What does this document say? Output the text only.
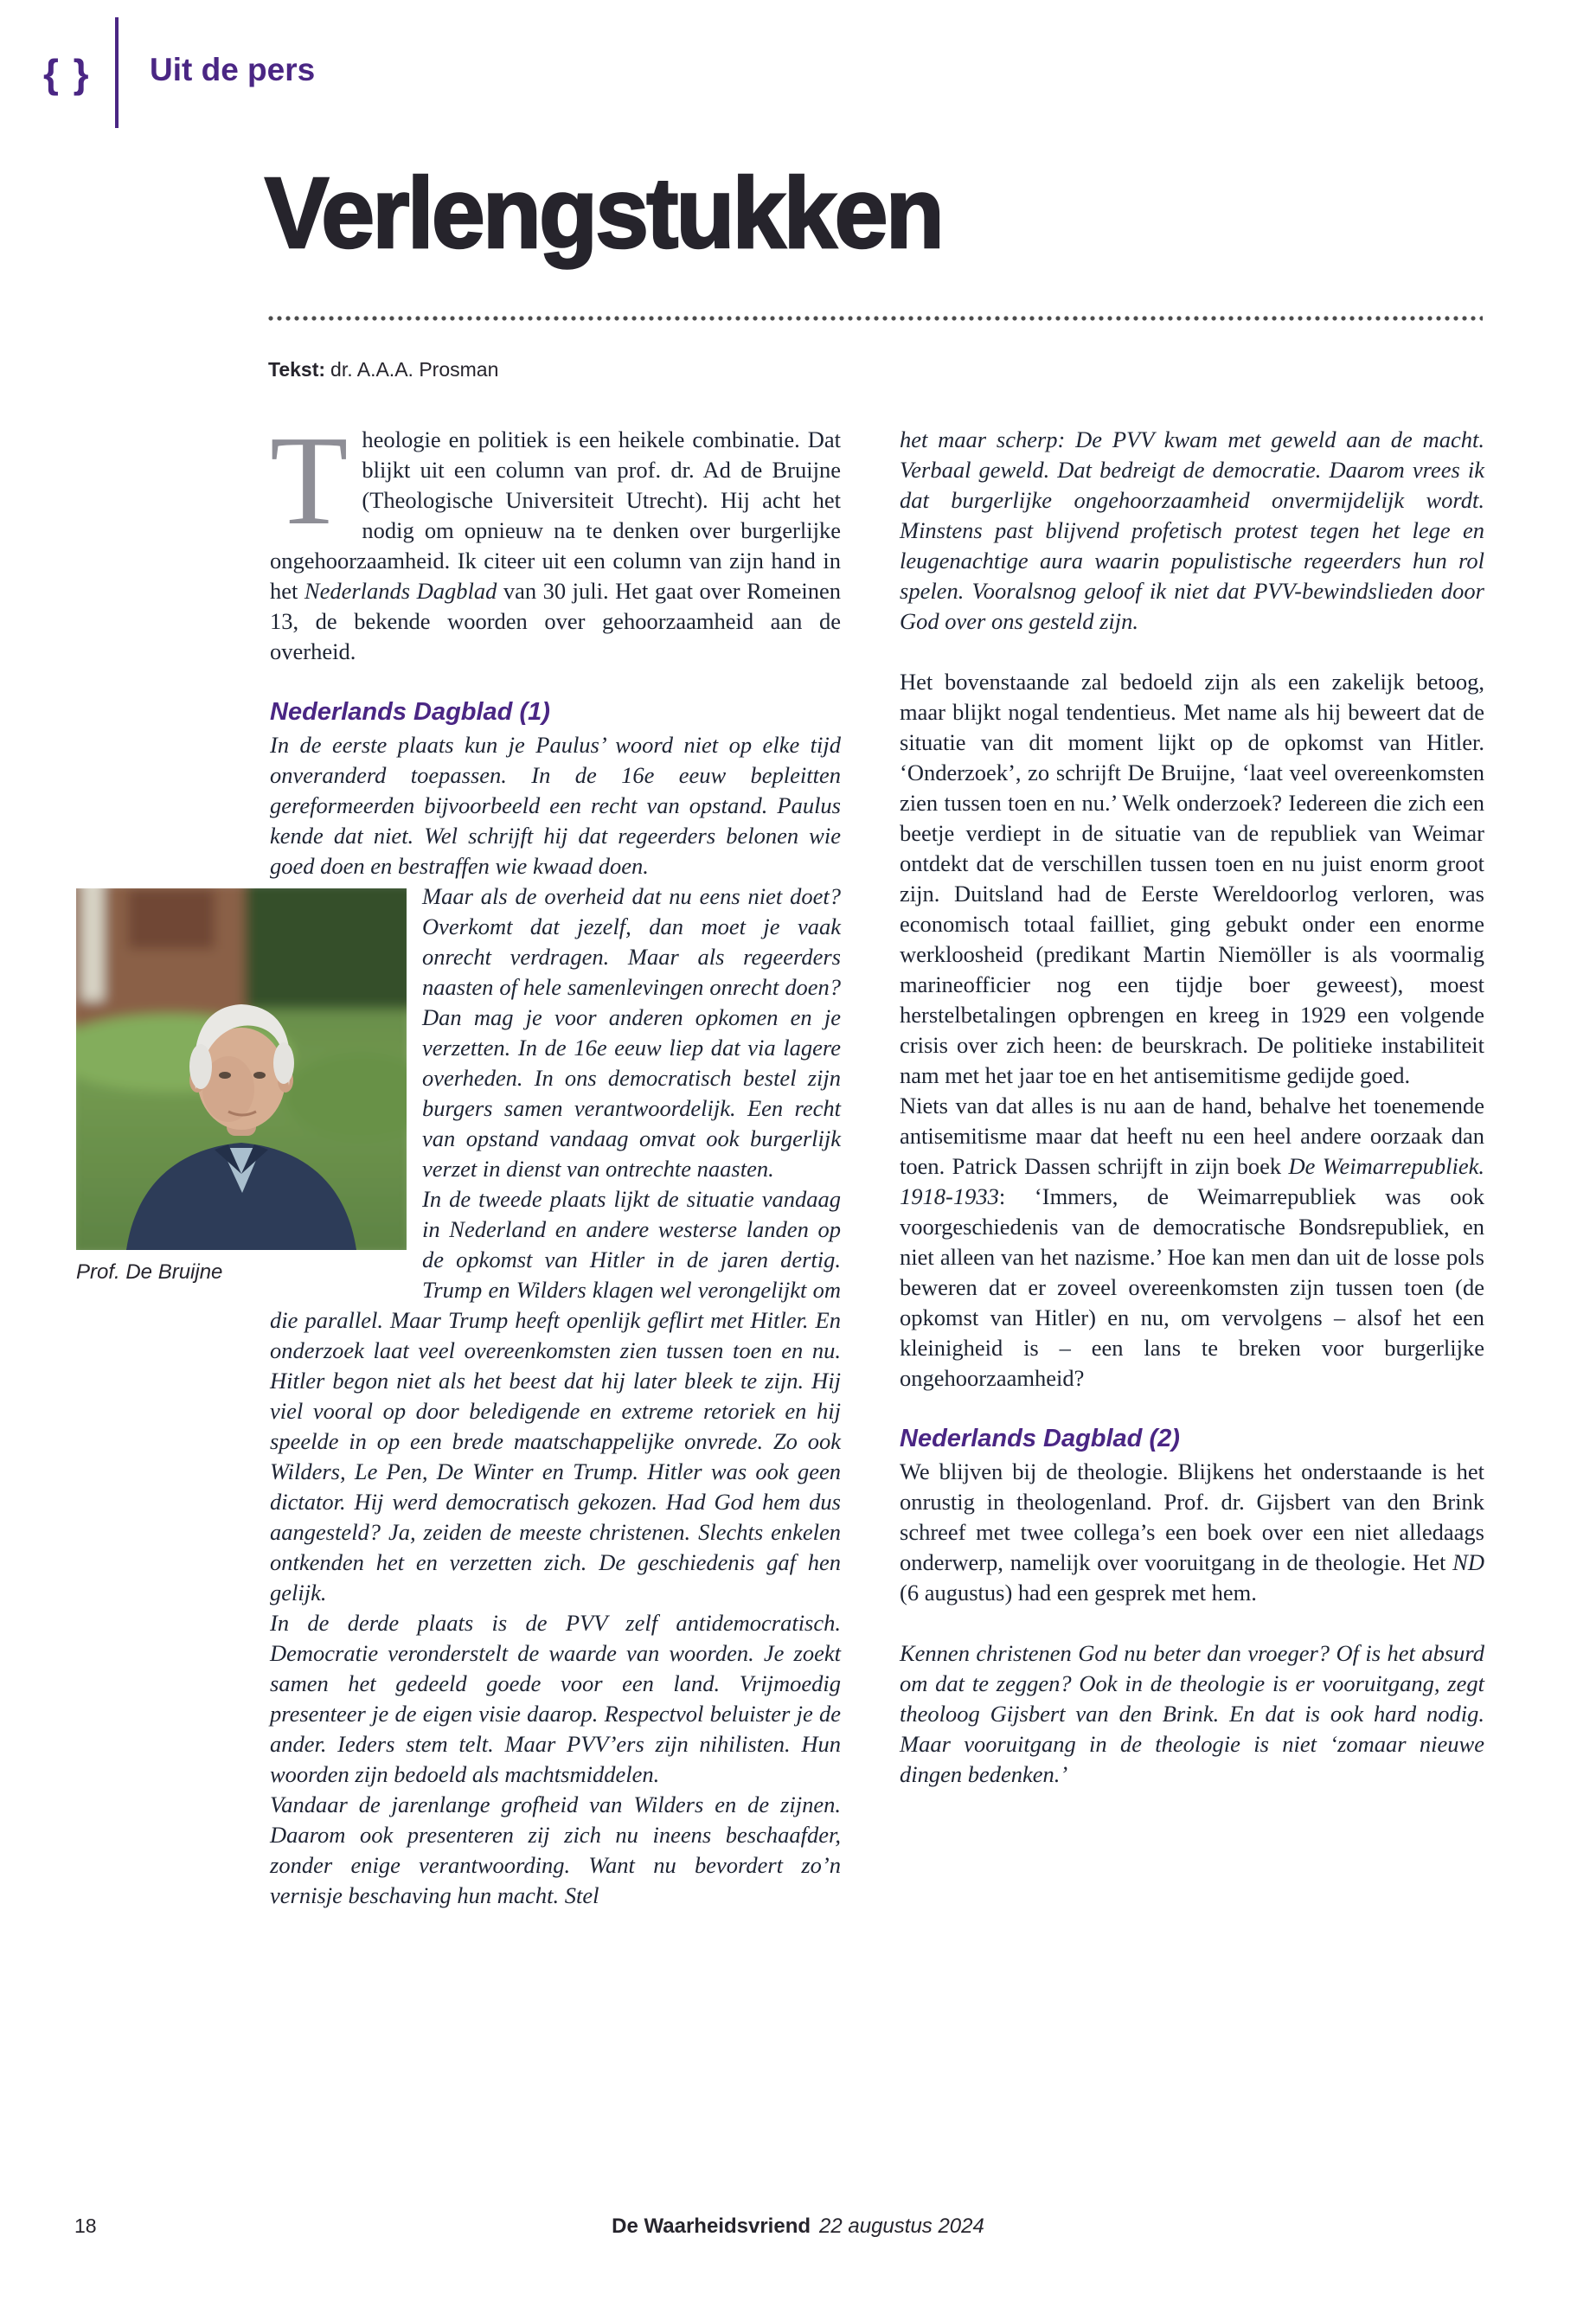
{ } Uit de pers
Verlengstukken

Tekst: dr. A.A.A. Prosman

Theologie en politiek is een heikele combinatie. Dat blijkt uit een column van prof. dr. Ad de Bruijne (Theologische Universiteit Utrecht). Hij acht het nodig om opnieuw na te denken over burgerlijke ongehoorzaamheid. Ik citeer uit een column van zijn hand in het Nederlands Dagblad van 30 juli. Het gaat over Romeinen 13, de bekende woorden over gehoorzaamheid aan de overheid.

Nederlands Dagblad (1)

In de eerste plaats kun je Paulus’ woord niet op elke tijd onveranderd toepassen. In de 16e eeuw bepleitten gereformeerden bijvoorbeeld een recht van opstand. Paulus kende dat niet. Wel schrijft hij dat regeerders belonen wie goed doen en bestraffen wie kwaad doen.

Prof. De Bruijne

Maar als de overheid dat nu eens niet doet? Overkomt dat jezelf, dan moet je vaak onrecht verdragen. Maar als regeerders naasten of hele samenlevingen onrecht doen? Dan mag je voor anderen opkomen en je verzetten. In de 16e eeuw liep dat via lagere overheden. In ons democratisch bestel zijn burgers samen verantwoordelijk. Een recht van opstand vandaag omvat ook burgerlijk verzet in dienst van ontrechte naasten.

In de tweede plaats lijkt de situatie vandaag in Nederland en andere westerse landen op de opkomst van Hitler in de jaren dertig. Trump en Wilders klagen wel verongelijkt om die parallel. Maar Trump heeft openlijk geflirt met Hitler. En onderzoek laat veel overeenkomsten zien tussen toen en nu. Hitler begon niet als het beest dat hij later bleek te zijn. Hij viel vooral op door beledigende en extreme retoriek en hij speelde in op een brede maatschappelijke onvrede. Zo ook Wilders, Le Pen, De Winter en Trump. Hitler was ook geen dictator. Hij werd democratisch gekozen. Had God hem dus aangesteld? Ja, zeiden de meeste christenen. Slechts enkelen ontkenden het en verzetten zich. De geschiedenis gaf hen gelijk.

In de derde plaats is de PVV zelf antidemocratisch. Democratie veronderstelt de waarde van woorden. Je zoekt samen het gedeeld goede voor een land. Vrijmoedig presenteer je de eigen visie daarop. Respectvol beluister je de ander. Ieders stem telt. Maar PVV’ers zijn nihilisten. Hun woorden zijn bedoeld als machtsmiddelen.

Vandaar de jarenlange grofheid van Wilders en de zijnen. Daarom ook presenteren zij zich nu ineens beschaafder, zonder enige verantwoording. Want nu bevordert zo’n vernisje beschaving hun macht. Stel

het maar scherp: De PVV kwam met geweld aan de macht. Verbaal geweld. Dat bedreigt de democratie. Daarom vrees ik dat burgerlijke ongehoorzaamheid onvermijdelijk wordt. Minstens past blijvend profetisch protest tegen het lege en leugenachtige aura waarin populistische regeerders hun rol spelen. Vooralsnog geloof ik niet dat PVV-bewindslieden door God over ons gesteld zijn.

Het bovenstaande zal bedoeld zijn als een zakelijk betoog, maar blijkt nogal tendentieus. Met name als hij beweert dat de situatie van dit moment lijkt op de opkomst van Hitler. ‘Onderzoek’, zo schrijft De Bruijne, ‘laat veel overeenkomsten zien tussen toen en nu.’ Welk onderzoek? Iedereen die zich een beetje verdiept in de situatie van de republiek van Weimar ontdekt dat de verschillen tussen toen en nu juist enorm groot zijn. Duitsland had de Eerste Wereldoorlog verloren, was economisch totaal failliet, ging gebukt onder een enorme werkloosheid (predikant Martin Niemöller is als voormalig marineofficier nog een tijdje boer geweest), moest herstelbetalingen opbrengen en kreeg in 1929 een volgende crisis over zich heen: de beurskrach. De politieke instabiliteit nam met het jaar toe en het antisemitisme gedijde goed.

Niets van dat alles is nu aan de hand, behalve het toenemende antisemitisme maar dat heeft nu een heel andere oorzaak dan toen. Patrick Dassen schrijft in zijn boek De Weimarrepubliek. 1918-1933: ‘Immers, de Weimarrepubliek was ook voorgeschiedenis van de democratische Bondsrepubliek, en niet alleen van het nazisme.’ Hoe kan men dan uit de losse pols beweren dat er zoveel overeenkomsten zijn tussen toen (de opkomst van Hitler) en nu, om vervolgens – alsof het een kleinigheid is – een lans te breken voor burgerlijke ongehoorzaamheid?

Nederlands Dagblad (2)

We blijven bij de theologie. Blijkens het onderstaande is het onrustig in theologenland. Prof. dr. Gijsbert van den Brink schreef met twee collega’s een boek over een niet alledaags onderwerp, namelijk over vooruitgang in de theologie. Het ND (6 augustus) had een gesprek met hem.

Kennen christenen God nu beter dan vroeger? Of is het absurd om dat te zeggen? Ook in de theologie is er vooruitgang, zegt theoloog Gijsbert van den Brink. En dat is ook hard nodig. Maar vooruitgang in de theologie is niet ‘zomaar nieuwe dingen bedenken.’

18	De Waarheidsvriend 22 augustus 2024
